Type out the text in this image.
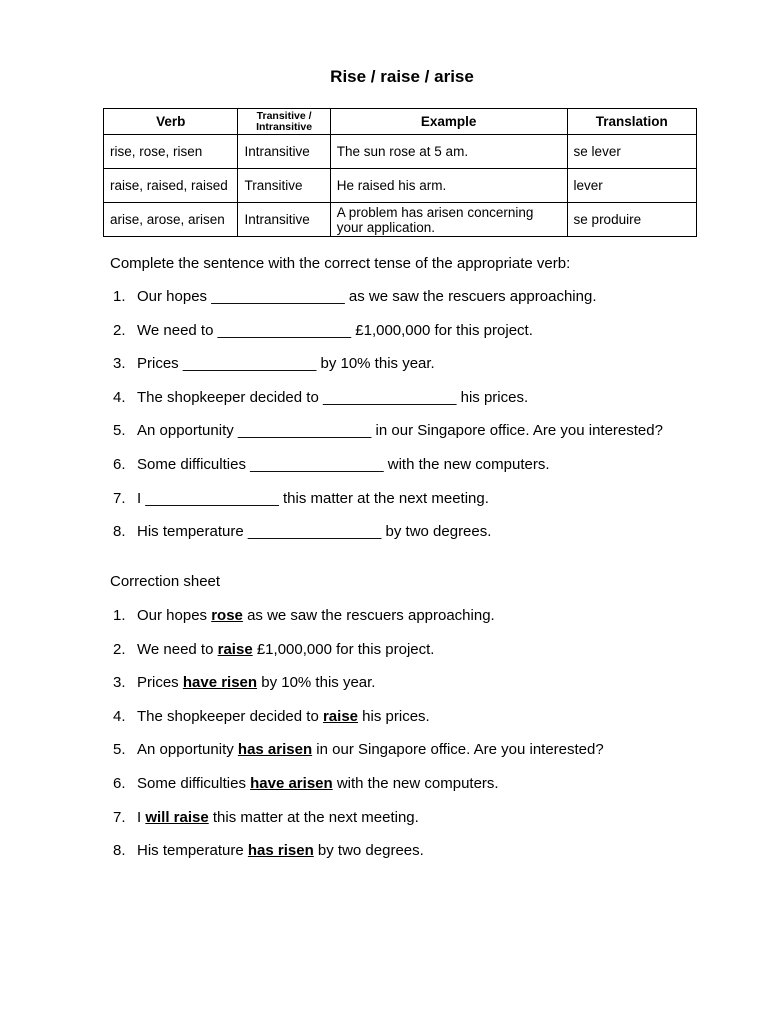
Rise / raise / arise
Verb	Transitive / Intransitive	Example	Translation
rise, rose, risen	Intransitive	The sun rose at 5 am.	se lever
raise, raised, raised	Transitive	He raised his arm.	lever
arise, arose, arisen	Intransitive	A problem has arisen concerning your application.	se produire
Complete the sentence with the correct tense of the appropriate verb:
1. Our hopes ________________ as we saw the rescuers approaching.
2. We need to ________________ £1,000,000 for this project.
3. Prices ________________ by 10% this year.
4. The shopkeeper decided to ________________ his prices.
5. An opportunity ________________ in our Singapore office. Are you interested?
6. Some difficulties ________________ with the new computers.
7. I ________________ this matter at the next meeting.
8. His temperature ________________ by two degrees.
Correction sheet
1. Our hopes rose as we saw the rescuers approaching.
2. We need to raise £1,000,000 for this project.
3. Prices have risen by 10% this year.
4. The shopkeeper decided to raise his prices.
5. An opportunity has arisen in our Singapore office. Are you interested?
6. Some difficulties have arisen with the new computers.
7. I will raise this matter at the next meeting.
8. His temperature has risen by two degrees.
